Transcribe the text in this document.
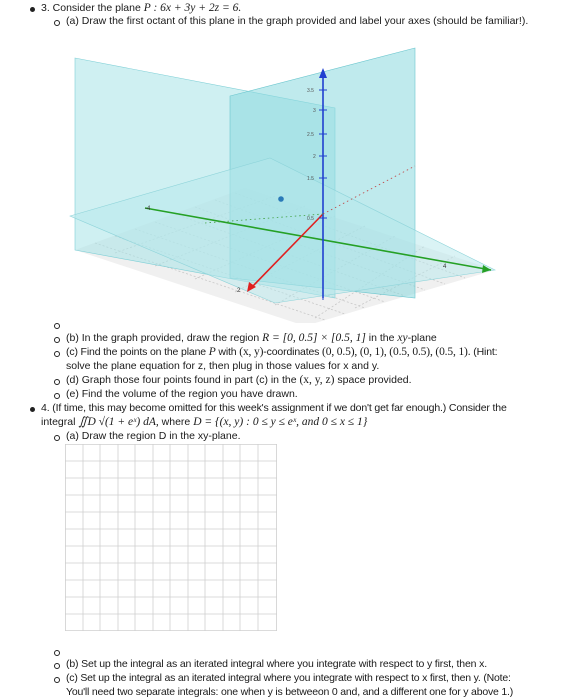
3. Consider the plane P : 6x + 3y + 2z = 6.
(a) Draw the first octant of this plane in the graph provided and label your axes (should be familiar!).
3.5
3
2.5
2
1.5
0.5
2
4
-4
(b) In the graph provided, draw the region R = [0, 0.5] × [0.5, 1] in the xy-plane
(c) Find the points on the plane P with (x, y)-coordinates (0, 0.5), (0, 1), (0.5, 0.5), (0.5, 1). (Hint:
solve the plane equation for z, then plug in those values for x and y.
(d) Graph those four points found in part (c) in the (x, y, z) space provided.
(e) Find the volume of the region you have drawn.
4. (If time, this may become omitted for this week's assignment if we don't get far enough.) Consider the
integral ∬D √(1 + eˣ) dA, where D = {(x, y) : 0 ≤ y ≤ eˣ, and 0 ≤ x ≤ 1}
(a) Draw the region D in the xy-plane.
(b) Set up the integral as an iterated integral where you integrate with respect to y first, then x.
(c) Set up the integral as an iterated integral where you integrate with respect to x first, then y. (Note:
You'll need two separate integrals: one when y is betweeon 0 and, and a different one for y above 1.)
